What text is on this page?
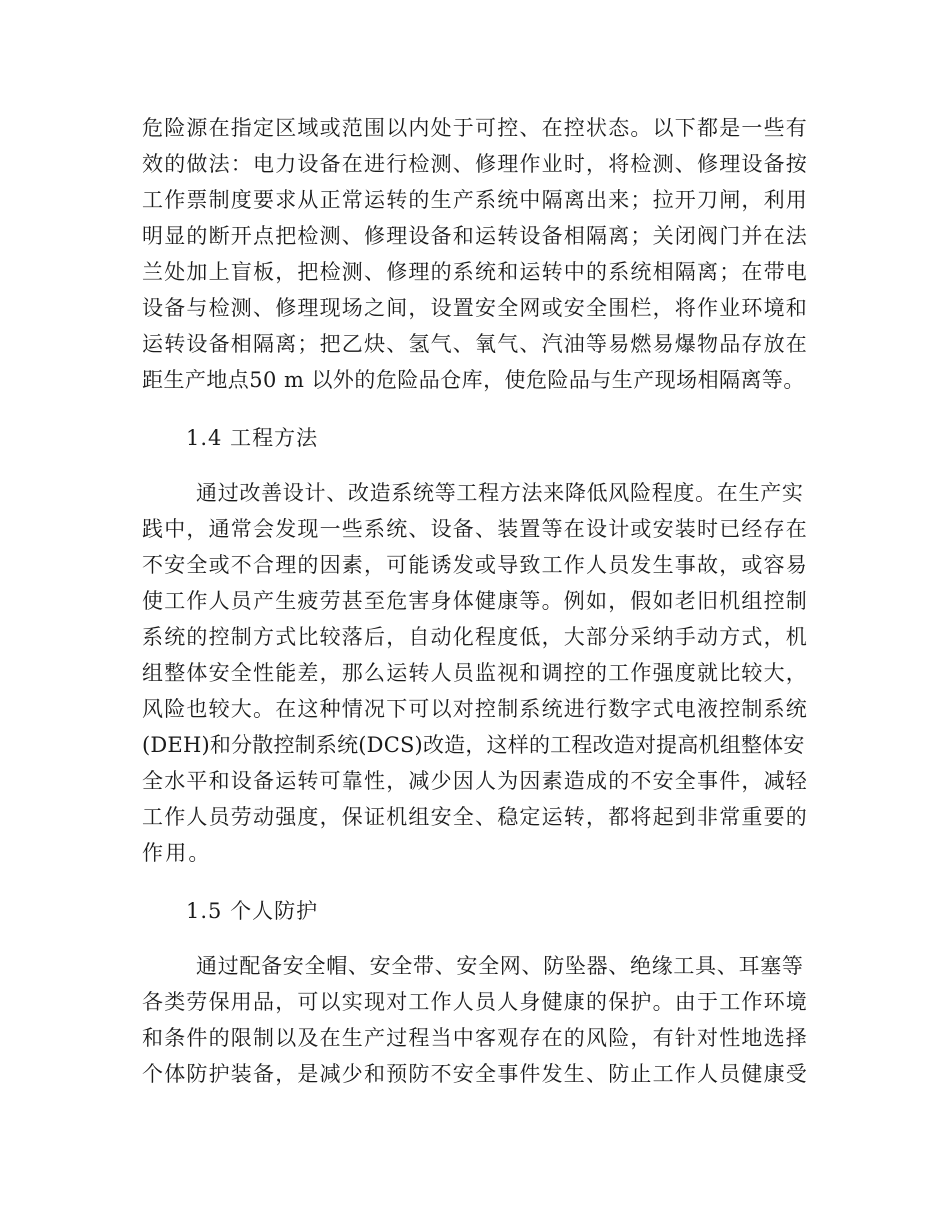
危险源在指定区域或范围以内处于可控、在控状态。以下都是一些有

效的做法：电力设备在进行检测、修理作业时，将检测、修理设备按

工作票制度要求从正常运转的生产系统中隔离出来；拉开刀闸，利用

明显的断开点把检测、修理设备和运转设备相隔离；关闭阀门并在法

兰处加上盲板，把检测、修理的系统和运转中的系统相隔离；在带电

设备与检测、修理现场之间，设置安全网或安全围栏，将作业环境和

运转设备相隔离；把乙炔、氢气、氧气、汽油等易燃易爆物品存放在

距生产地点50 m 以外的危险品仓库，使危险品与生产现场相隔离等。

1.4 工程方法

通过改善设计、改造系统等工程方法来降低风险程度。在生产实

践中，通常会发现一些系统、设备、装置等在设计或安装时已经存在

不安全或不合理的因素，可能诱发或导致工作人员发生事故，或容易

使工作人员产生疲劳甚至危害身体健康等。例如，假如老旧机组控制

系统的控制方式比较落后，自动化程度低，大部分采纳手动方式，机

组整体安全性能差，那么运转人员监视和调控的工作强度就比较大，

风险也较大。在这种情况下可以对控制系统进行数字式电液控制系统

(DEH)和分散控制系统(DCS)改造，这样的工程改造对提高机组整体安

全水平和设备运转可靠性，减少因人为因素造成的不安全事件，减轻

工作人员劳动强度，保证机组安全、稳定运转，都将起到非常重要的

作用。

1.5 个人防护

通过配备安全帽、安全带、安全网、防坠器、绝缘工具、耳塞等

各类劳保用品，可以实现对工作人员人身健康的保护。由于工作环境

和条件的限制以及在生产过程当中客观存在的风险，有针对性地选择

个体防护装备，是减少和预防不安全事件发生、防止工作人员健康受
